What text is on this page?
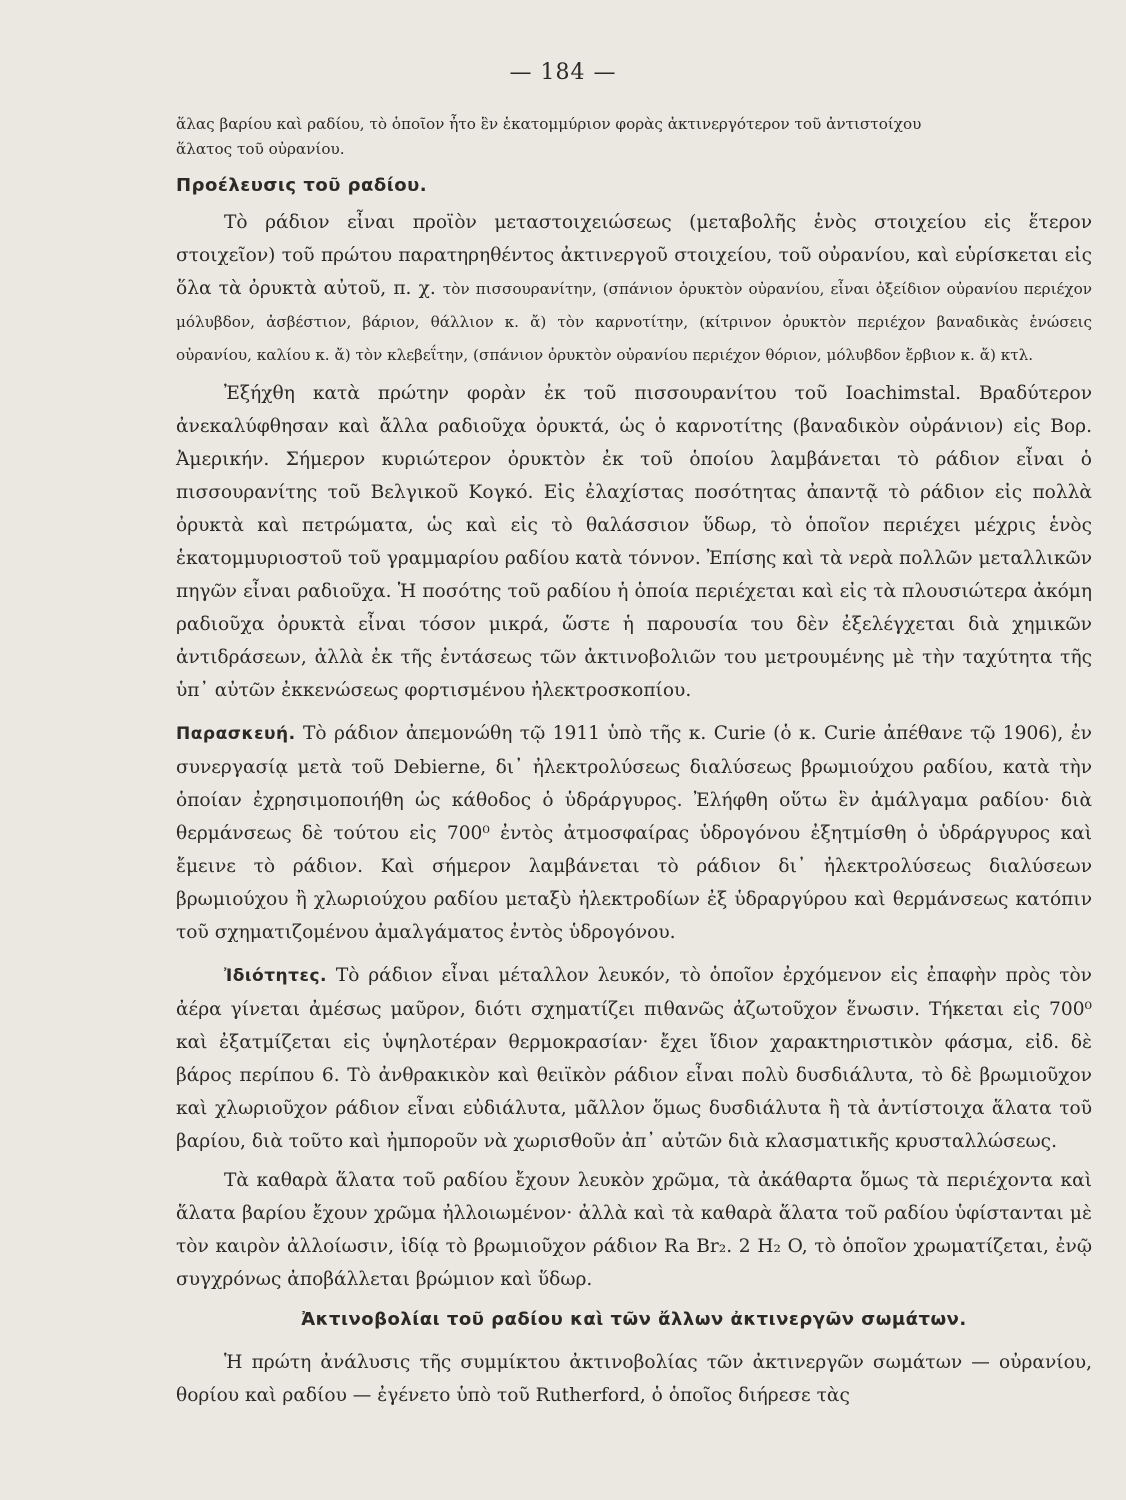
— 184 —

ἅλας βαρίου καὶ ραδίου, τὸ ὁποῖον ἦτο ἓν ἑκατομμύριον φορὰς ἀκτινεργότερον τοῦ ἀντιστοίχου
ἅλατος τοῦ οὐρανίου.

Προέλευσις τοῦ ραδίου.

Τὸ ράδιον εἶναι προϊὸν μεταστοιχειώσεως (μεταβολῆς ἑνὸς στοιχείου εἰς ἕτερον στοιχεῖον) τοῦ πρώτου παρατηρηθέντος ἀκτινεργοῦ στοιχείου, τοῦ οὐρανίου, καὶ εὑρίσκεται εἰς ὅλα τὰ ὀρυκτὰ αὐτοῦ, π. χ. τὸν πισσουρανίτην, (σπάνιον ὀρυκτὸν οὐρανίου, εἶναι ὀξείδιον οὐρανίου περιέχον μόλυβδον, ἀσβέστιον, βάριον, θάλλιον κ. ἄ) τὸν καρνοτίτην, (κίτρινον ὀρυκτὸν περιέχον βαναδικὰς ἑνώσεις οὐρανίου, καλίου κ. ἄ) τὸν κλεβεΐτην, (σπάνιον ὀρυκτὸν οὐρανίου περιέχον θόριον, μόλυβδον ἔρβιον κ. ἄ) κτλ.

Ἐξήχθη κατὰ πρώτην φορὰν ἐκ τοῦ πισσουρανίτου τοῦ Ioachimstal. Βραδύτερον ἀνεκαλύφθησαν καὶ ἄλλα ραδιοῦχα ὀρυκτά, ὡς ὁ καρνοτίτης (βαναδικὸν οὐράνιον) εἰς Βορ. Ἀμερικήν. Σήμερον κυριώτερον ὀρυκτὸν ἐκ τοῦ ὁποίου λαμβάνεται τὸ ράδιον εἶναι ὁ πισσουρανίτης τοῦ Βελγικοῦ Κογκό. Εἰς ἐλαχίστας ποσότητας ἀπαντᾷ τὸ ράδιον εἰς πολλὰ ὀρυκτὰ καὶ πετρώματα, ὡς καὶ εἰς τὸ θαλάσσιον ὕδωρ, τὸ ὁποῖον περιέχει μέχρις ἑνὸς ἑκατομμυριοστοῦ τοῦ γραμμαρίου ραδίου κατὰ τόννον. Ἐπίσης καὶ τὰ νερὰ πολλῶν μεταλλικῶν πηγῶν εἶναι ραδιοῦχα. Ἡ ποσότης τοῦ ραδίου ἡ ὁποία περιέχεται καὶ εἰς τὰ πλουσιώτερα ἀκόμη ραδιοῦχα ὀρυκτὰ εἶναι τόσον μικρά, ὥστε ἡ παρουσία του δὲν ἐξελέγχεται διὰ χημικῶν ἀντιδράσεων, ἀλλὰ ἐκ τῆς ἐντάσεως τῶν ἀκτινοβολιῶν του μετρουμένης μὲ τὴν ταχύτητα τῆς ὑπ᾽ αὐτῶν ἐκκενώσεως φορτισμένου ἠλεκτροσκοπίου.

Παρασκευή. Τὸ ράδιον ἀπεμονώθη τῷ 1911 ὑπὸ τῆς κ. Curie (ὁ κ. Curie ἀπέθανε τῷ 1906), ἐν συνεργασίᾳ μετὰ τοῦ Debierne, δι᾽ ἠλεκτρολύσεως διαλύσεως βρωμιούχου ραδίου, κατὰ τὴν ὁποίαν ἐχρησιμοποιήθη ὡς κάθοδος ὁ ὑδράργυρος. Ἐλήφθη οὕτω ἓν ἀμάλγαμα ραδίου· διὰ θερμάνσεως δὲ τούτου εἰς 700⁰ ἐντὸς ἀτμοσφαίρας ὑδρογόνου ἐξητμίσθη ὁ ὑδράργυρος καὶ ἔμεινε τὸ ράδιον. Καὶ σήμερον λαμβάνεται τὸ ράδιον δι᾽ ἠλεκτρολύσεως διαλύσεων βρωμιούχου ἢ χλωριούχου ραδίου μεταξὺ ἠλεκτροδίων ἐξ ὑδραργύρου καὶ θερμάνσεως κατόπιν τοῦ σχηματιζομένου ἀμαλγάματος ἐντὸς ὑδρογόνου.

Ἰδιότητες. Τὸ ράδιον εἶναι μέταλλον λευκόν, τὸ ὁποῖον ἐρχόμενον εἰς ἐπαφὴν πρὸς τὸν ἀέρα γίνεται ἀμέσως μαῦρον, διότι σχηματίζει πιθανῶς ἀζωτοῦχον ἕνωσιν. Τήκεται εἰς 700⁰ καὶ ἐξατμίζεται εἰς ὑψηλοτέραν θερμοκρασίαν· ἔχει ἴδιον χαρακτηριστικὸν φάσμα, εἰδ. δὲ βάρος περίπου 6. Τὸ ἀνθρακικὸν καὶ θειϊκὸν ράδιον εἶναι πολὺ δυσδιάλυτα, τὸ δὲ βρωμιοῦχον καὶ χλωριοῦχον ράδιον εἶναι εὐδιάλυτα, μᾶλλον ὅμως δυσδιάλυτα ἢ τὰ ἀντίστοιχα ἅλατα τοῦ βαρίου, διὰ τοῦτο καὶ ἠμποροῦν νὰ χωρισθοῦν ἀπ᾽ αὐτῶν διὰ κλασματικῆς κρυσταλλώσεως.

Τὰ καθαρὰ ἅλατα τοῦ ραδίου ἔχουν λευκὸν χρῶμα, τὰ ἀκάθαρτα ὅμως τὰ περιέχοντα καὶ ἅλατα βαρίου ἔχουν χρῶμα ἠλλοιωμένον· ἀλλὰ καὶ τὰ καθαρὰ ἅλατα τοῦ ραδίου ὑφίστανται μὲ τὸν καιρὸν ἀλλοίωσιν, ἰδίᾳ τὸ βρωμιοῦχον ράδιον Ra Br₂. 2 H₂ O, τὸ ὁποῖον χρωματίζεται, ἐνῷ συγχρόνως ἀποβάλλεται βρώμιον καὶ ὕδωρ.

Ἀκτινοβολίαι τοῦ ραδίου καὶ τῶν ἄλλων ἀκτινεργῶν σωμάτων.

Ἡ πρώτη ἀνάλυσις τῆς συμμίκτου ἀκτινοβολίας τῶν ἀκτινεργῶν σωμάτων — οὐρανίου, θορίου καὶ ραδίου — ἐγένετο ὑπὸ τοῦ Rutherford, ὁ ὁποῖος διήρεσε τὰς
